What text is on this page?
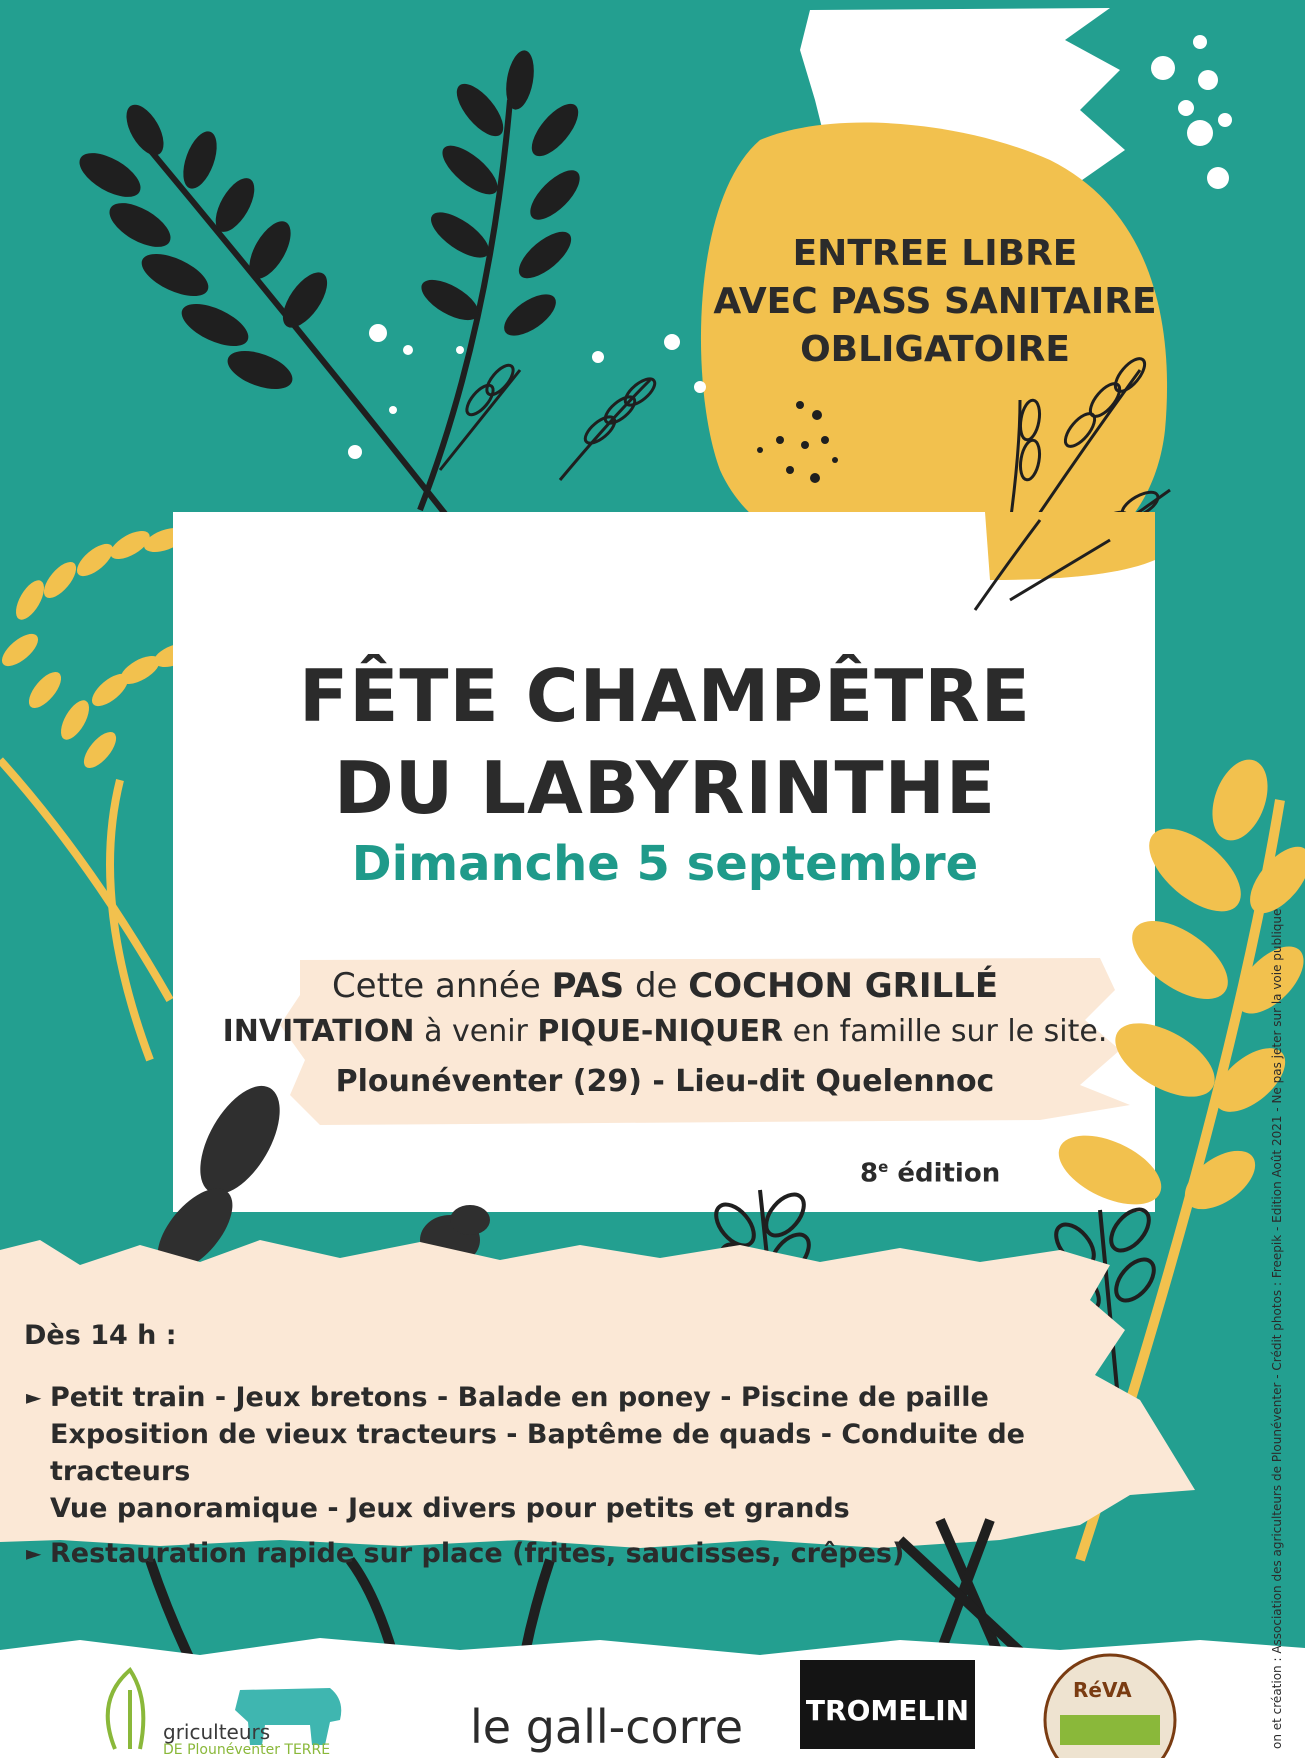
ENTREE LIBRE
AVEC PASS SANITAIRE
OBLIGATOIRE
FÊTE CHAMPÊTRE
DU LABYRINTHE
Dimanche 5 septembre
Cette année PAS de COCHON GRILLÉ
INVITATION à venir PIQUE-NIQUER en famille sur le site.
Plounéventer (29) - Lieu-dit Quelennoc
8e édition
Dès 14 h :
► Petit train - Jeux bretons - Balade en poney - Piscine de paille
Exposition de vieux tracteurs - Baptême de quads - Conduite de tracteurs
Vue panoramique - Jeux divers pour petits et grands
► Restauration rapide sur place (frites, saucisses, crêpes)	on et création : Association des agriculteurs de Plounéventer - Crédit photos : Freepik - Edition Août 2021 - Ne pas jeter sur la voie publique
griculteurs
DE Plounéventer TERRE	le gall-corre TROMELIN
RéVA
